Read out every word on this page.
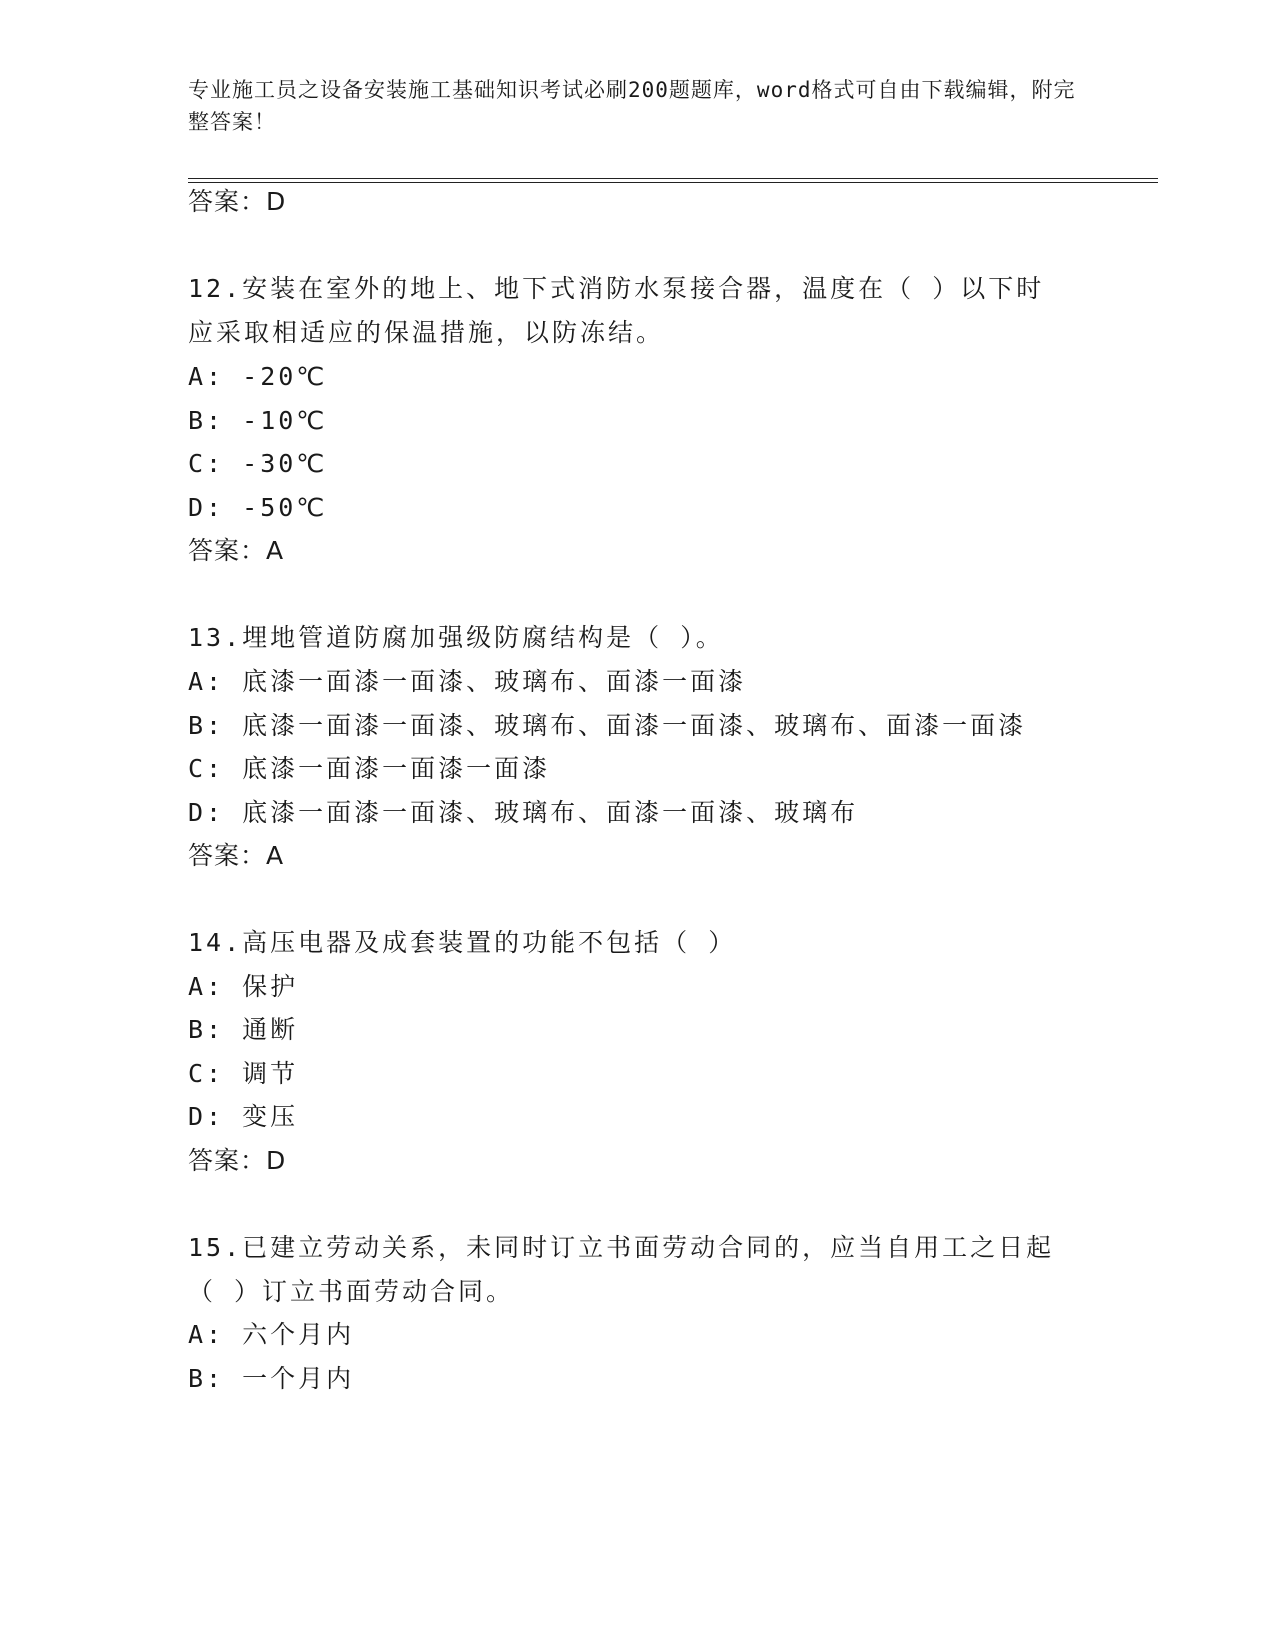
专业施工员之设备安装施工基础知识考试必刷200题题库，word格式可自由下载编辑，附完整答案！
答案：D
12.安装在室外的地上、地下式消防水泵接合器，温度在（ ）以下时
应采取相适应的保温措施，以防冻结。
A: -20℃
B: -10℃
C: -30℃
D: -50℃
答案：A
13.埋地管道防腐加强级防腐结构是（ ）。
A: 底漆一面漆一面漆、玻璃布、面漆一面漆
B: 底漆一面漆一面漆、玻璃布、面漆一面漆、玻璃布、面漆一面漆
C: 底漆一面漆一面漆一面漆
D: 底漆一面漆一面漆、玻璃布、面漆一面漆、玻璃布
答案：A
14.高压电器及成套装置的功能不包括（ ）
A: 保护
B: 通断
C: 调节
D: 变压
答案：D
15.已建立劳动关系，未同时订立书面劳动合同的，应当自用工之日起
（ ）订立书面劳动合同。
A: 六个月内
B: 一个月内
